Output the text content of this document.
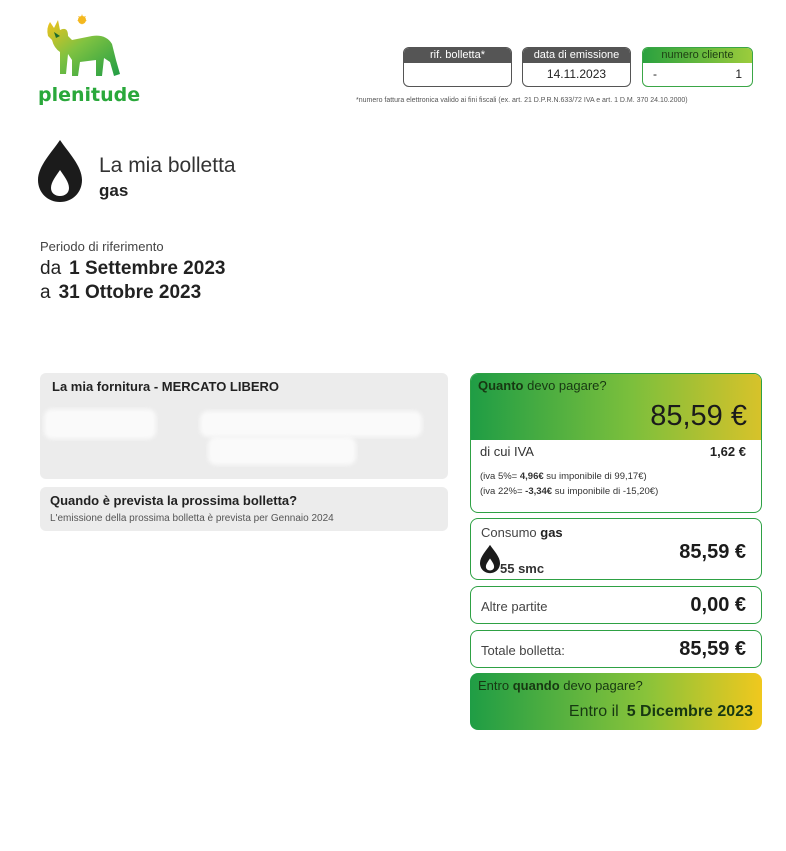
plenitude
rif. bolletta*	data di emissione
14.11.2023
numero cliente
-	1
*numero fattura elettronica valido ai fini fiscali (ex. art. 21 D.P.R.N.633/72 IVA e art. 1 D.M. 370 24.10.2000)
La mia bolletta
gas
Periodo di riferimento
da 1 Settembre 2023
a 31 Ottobre 2023
La mia fornitura - MERCATO LIBERO
Quando è prevista la prossima bolletta?
L'emissione della prossima bolletta è prevista per Gennaio 2024
Quanto devo pagare?
85,59 €
di cui IVA	1,62 €
(iva 5%= 4,96€ su imponibile di 99,17€)
(iva 22%= -3,34€ su imponibile di -15,20€)
Consumo gas
55 smc
85,59 €
Altre partite	0,00 €
Totale bolletta:	85,59 €
Entro quando devo pagare?
Entro il 5 Dicembre 2023
